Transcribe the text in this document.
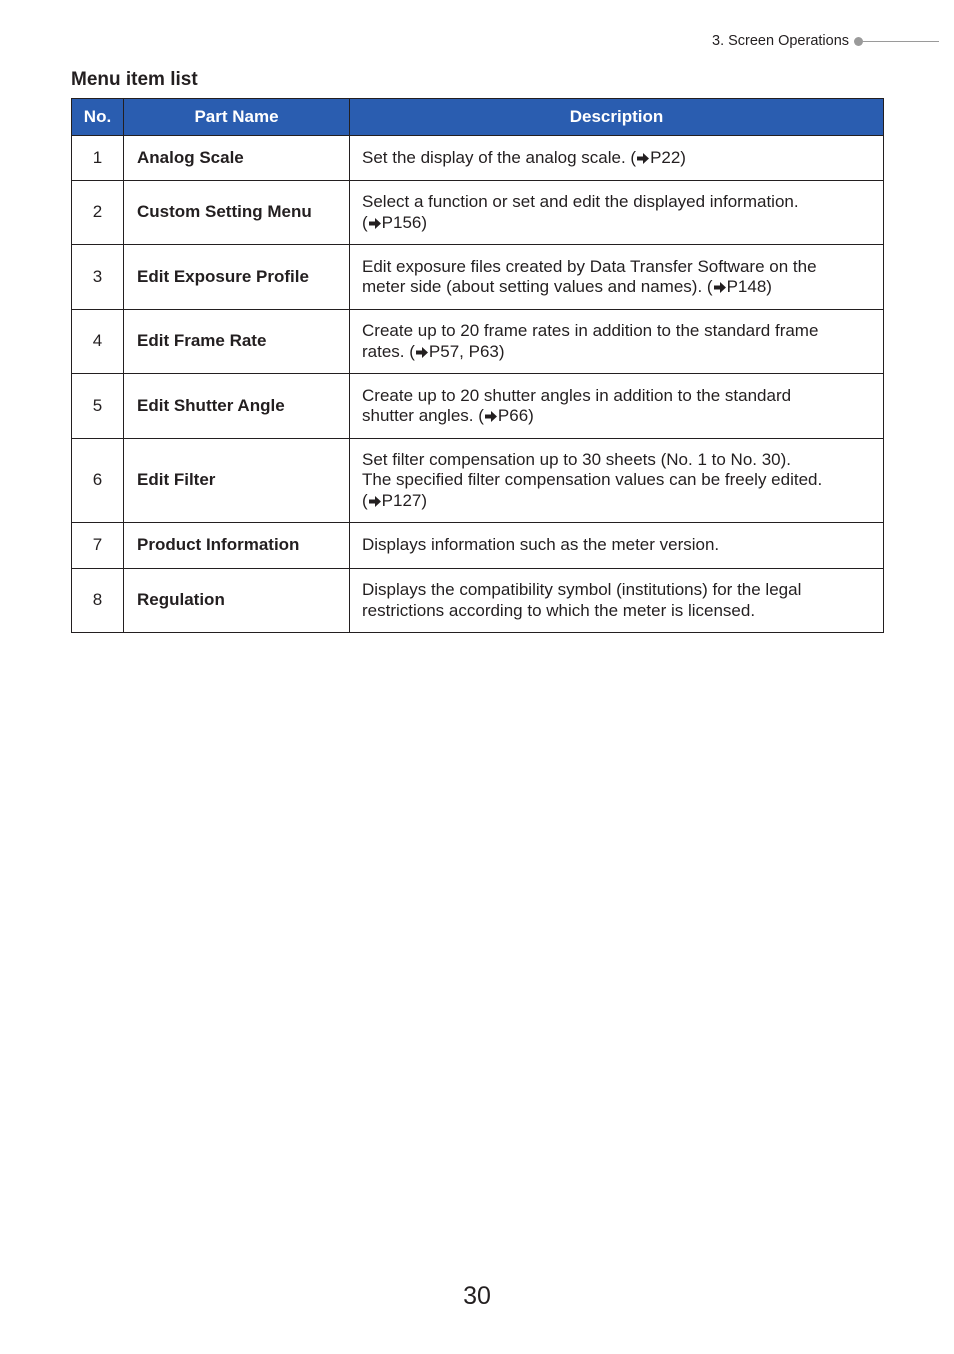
3. Screen Operations
Menu item list
No.	Part Name	Description
1	Analog Scale	Set the display of the analog scale. ( P22)

2	Custom Setting Menu	Select a function or set and edit the displayed information.
( P156)

3	Edit Exposure Profile	Edit exposure files created by Data Transfer Software on the
meter side (about setting values and names). ( P148)

4	Edit Frame Rate	Create up to 20 frame rates in addition to the standard frame
rates. ( P57, P63)

5	Edit Shutter Angle	Create up to 20 shutter angles in addition to the standard
shutter angles. ( P66)

6	Edit Filter	Set filter compensation up to 30 sheets (No. 1 to No. 30).
The specified filter compensation values can be freely edited.
( P127)

7	Product Information	Displays information such as the meter version.

8	Regulation	Displays the compatibility symbol (institutions) for the legal
restrictions according to which the meter is licensed.
30
